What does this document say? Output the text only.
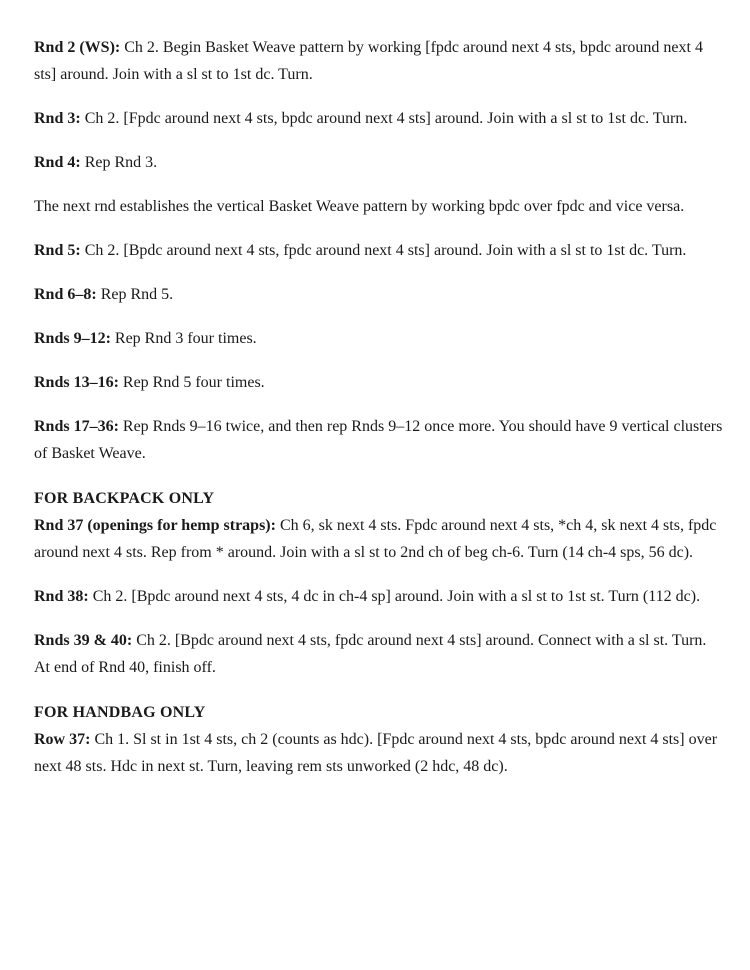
Rnd 2 (WS): Ch 2. Begin Basket Weave pattern by working [fpdc around next 4 sts, bpdc around next 4 sts] around. Join with a sl st to 1st dc. Turn.

Rnd 3: Ch 2. [Fpdc around next 4 sts, bpdc around next 4 sts] around. Join with a sl st to 1st dc. Turn.

Rnd 4: Rep Rnd 3.

The next rnd establishes the vertical Basket Weave pattern by working bpdc over fpdc and vice versa.

Rnd 5: Ch 2. [Bpdc around next 4 sts, fpdc around next 4 sts] around. Join with a sl st to 1st dc. Turn.

Rnd 6–8: Rep Rnd 5.

Rnds 9–12: Rep Rnd 3 four times.

Rnds 13–16: Rep Rnd 5 four times.

Rnds 17–36: Rep Rnds 9–16 twice, and then rep Rnds 9–12 once more. You should have 9 vertical clusters of Basket Weave.

FOR BACKPACK ONLY

Rnd 37 (openings for hemp straps): Ch 6, sk next 4 sts. Fpdc around next 4 sts, *ch 4, sk next 4 sts, fpdc around next 4 sts. Rep from * around. Join with a sl st to 2nd ch of beg ch-6. Turn (14 ch-4 sps, 56 dc).

Rnd 38: Ch 2. [Bpdc around next 4 sts, 4 dc in ch-4 sp] around. Join with a sl st to 1st st. Turn (112 dc).

Rnds 39 & 40: Ch 2. [Bpdc around next 4 sts, fpdc around next 4 sts] around. Connect with a sl st. Turn. At end of Rnd 40, finish off.

FOR HANDBAG ONLY

Row 37: Ch 1. Sl st in 1st 4 sts, ch 2 (counts as hdc). [Fpdc around next 4 sts, bpdc around next 4 sts] over next 48 sts. Hdc in next st. Turn, leaving rem sts unworked (2 hdc, 48 dc).
